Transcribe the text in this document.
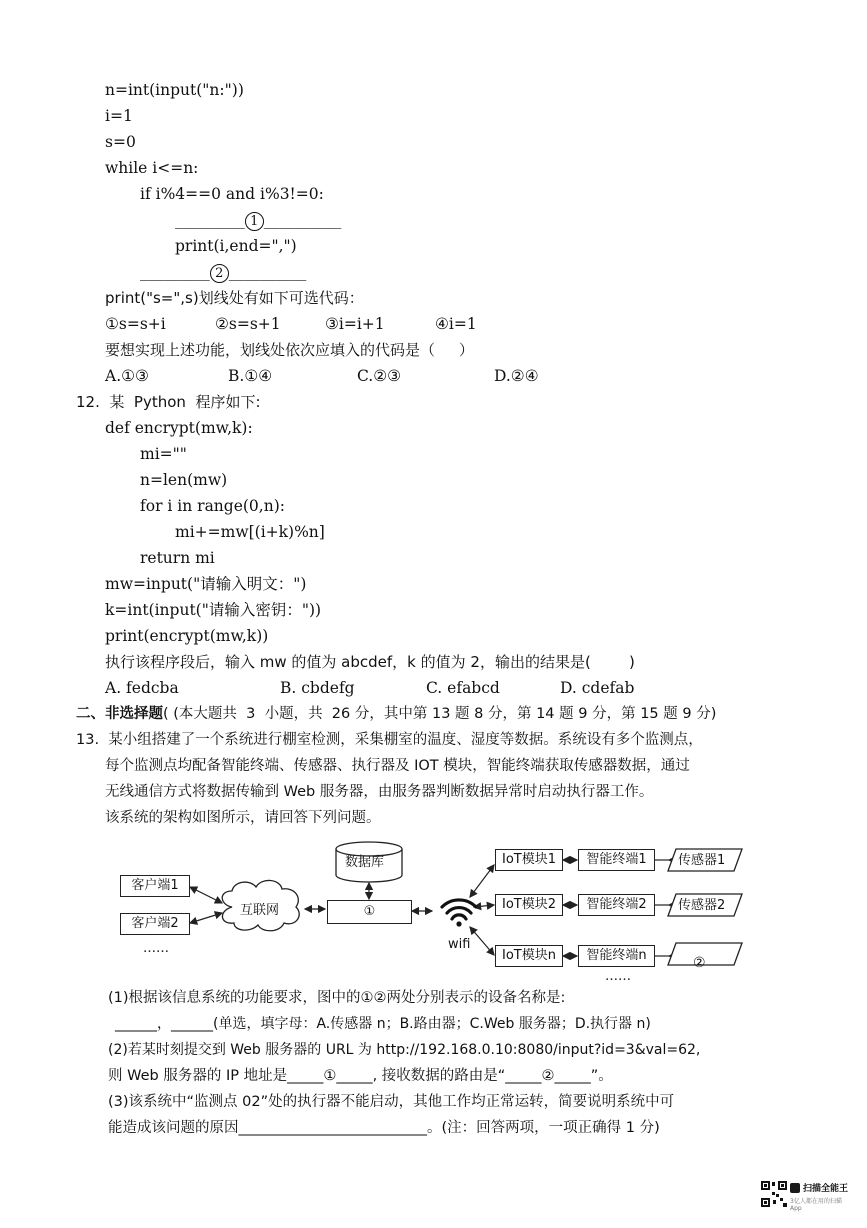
n=int(input("n:"))
i=1
s=0
while i<=n:
if i%4==0 and i%3!=0:
_________ 1 __________
print(i,end=",")
_________ 2 __________
print("s=",s)划线处有如下可选代码：
①s=s+i	②s=s+1	③i=i+1	④i=1
要想实现上述功能，划线处依次应填入的代码是（     ）
A.①③	B.①④	C.②③	D.②④
12.  某  Python  程序如下:
def encrypt(mw,k):
mi=""
n=len(mw)
for i in range(0,n):
mi+=mw[(i+k)%n]
return mi
mw=input("请输入明文：")
k=int(input("请输入密钥："))
print(encrypt(mw,k))
执行该程序段后，输入 mw 的值为 abcdef，k 的值为 2，输出的结果是(        )
A. fedcba	B. cbdefg	C. efabcd	D. cdefab
二、非选择题( (本大题共  3  小题，共  26 分，其中第 13 题 8 分，第 14 题 9 分，第 15 题 9 分)
13.  某小组搭建了一个系统进行棚室检测，采集棚室的温度、湿度等数据。系统设有多个监测点，
每个监测点均配备智能终端、传感器、执行器及 IOT 模块，智能终端获取传感器数据，通过
无线通信方式将数据传输到 Web 服务器，由服务器判断数据异常时启动执行器工作。
该系统的架构如图所示，请回答下列问题。
客户端1
客户端2
……
互联网
数据库
①
wifi
IoT模块1
IoT模块2
IoT模块n
智能终端1
智能终端2
智能终端n
传感器1
传感器2
②
……
(1)根据该信息系统的功能要求，图中的①②两处分别表示的设备名称是:
______，______(单选，填字母：A.传感器 n；B.路由器；C.Web 服务器；D.执行器 n)
(2)若某时刻提交到 Web 服务器的 URL 为 http://192.168.0.10:8080/input?id=3&val=62,
则 Web 服务器的 IP 地址是_____①_____, 接收数据的路由是“_____②_____”。
(3)该系统中“监测点 02”处的执行器不能启动，其他工作均正常运转，简要说明系统中可
能造成该问题的原因__________________________。(注：回答两项，一项正确得 1 分)
扫描全能王
3亿人都在用的扫描App
